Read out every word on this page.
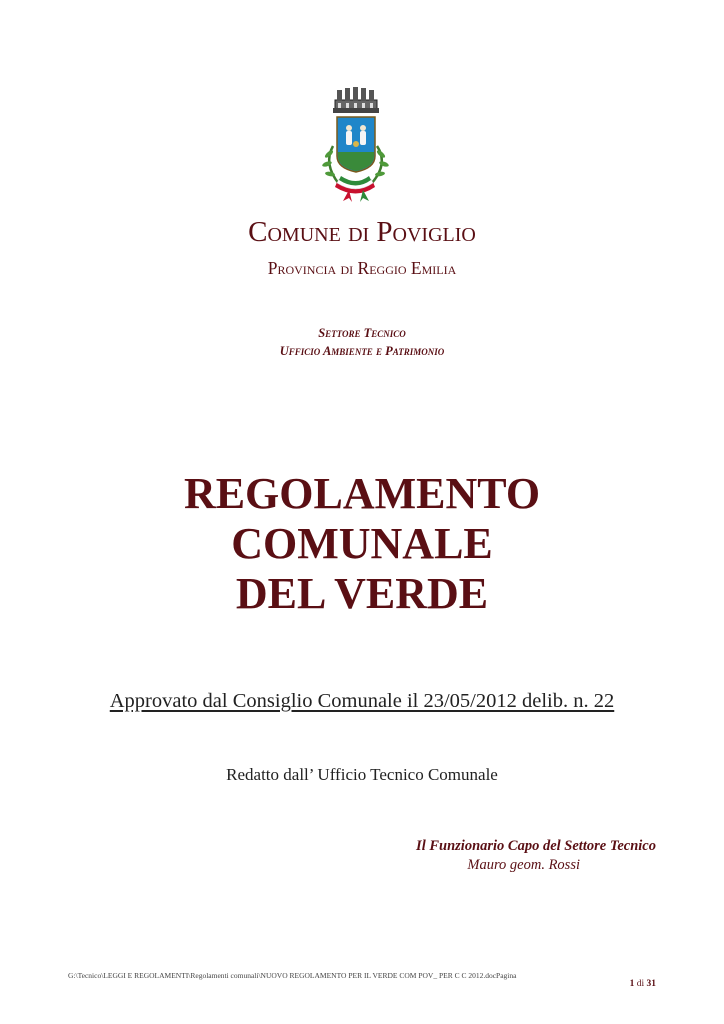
Comune di Poviglio
Provincia di Reggio Emilia
Settore Tecnico
Ufficio Ambiente e Patrimonio
REGOLAMENTO
COMUNALE
DEL VERDE
Approvato dal Consiglio Comunale il 23/05/2012 delib. n. 22
Redatto dall’ Ufficio Tecnico Comunale
Il Funzionario Capo del Settore Tecnico
Mauro geom. Rossi
G:\Tecnico\LEGGI E REGOLAMENTI\Regolamenti comunali\NUOVO REGOLAMENTO PER IL VERDE COM POV_ PER C C 2012.docPagina
1 di 31
